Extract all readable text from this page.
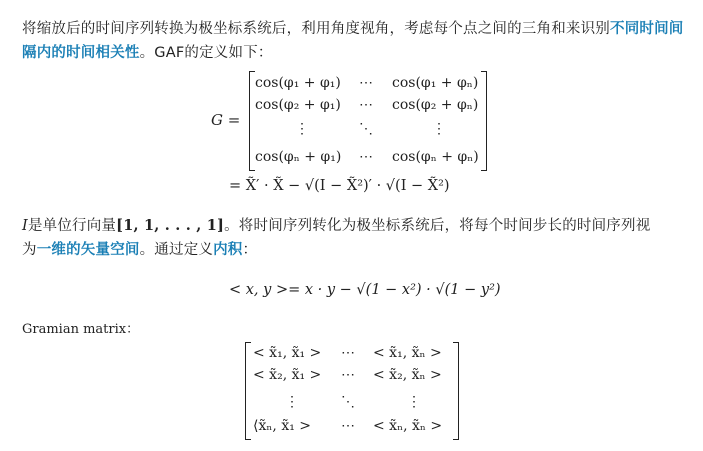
将缩放后的时间序列转换为极坐标系统后，利用角度视角，考虑每个点之间的三角和来识别不同时间间隔内的时间相关性。GAF的定义如下：
G =
cos(φ₁ + φ₁) ⋯ cos(φ₁ + φₙ)
cos(φ₂ + φ₁) ⋯ cos(φ₂ + φₙ)
⋮	⋱	⋮
cos(φₙ + φ₁) ⋯ cos(φₙ + φₙ)
= X̃′ · X̃ − √(I − X̃²)′ · √(I − X̃²)
I是单位行向量[1, 1, . . . , 1]。将时间序列转化为极坐标系统后，将每个时间步长的时间序列视
为一维的矢量空间。通过定义内积：
< x, y >= x · y − √(1 − x²) · √(1 − y²)
Gramian matrix：
< x̃₁, x̃₁ > ⋯ < x̃₁, x̃ₙ >
< x̃₂, x̃₁ > ⋯ < x̃₂, x̃ₙ >
⋮	⋱	⋮
⟨x̃ₙ, x̃₁ > ⋯ < x̃ₙ, x̃ₙ >
